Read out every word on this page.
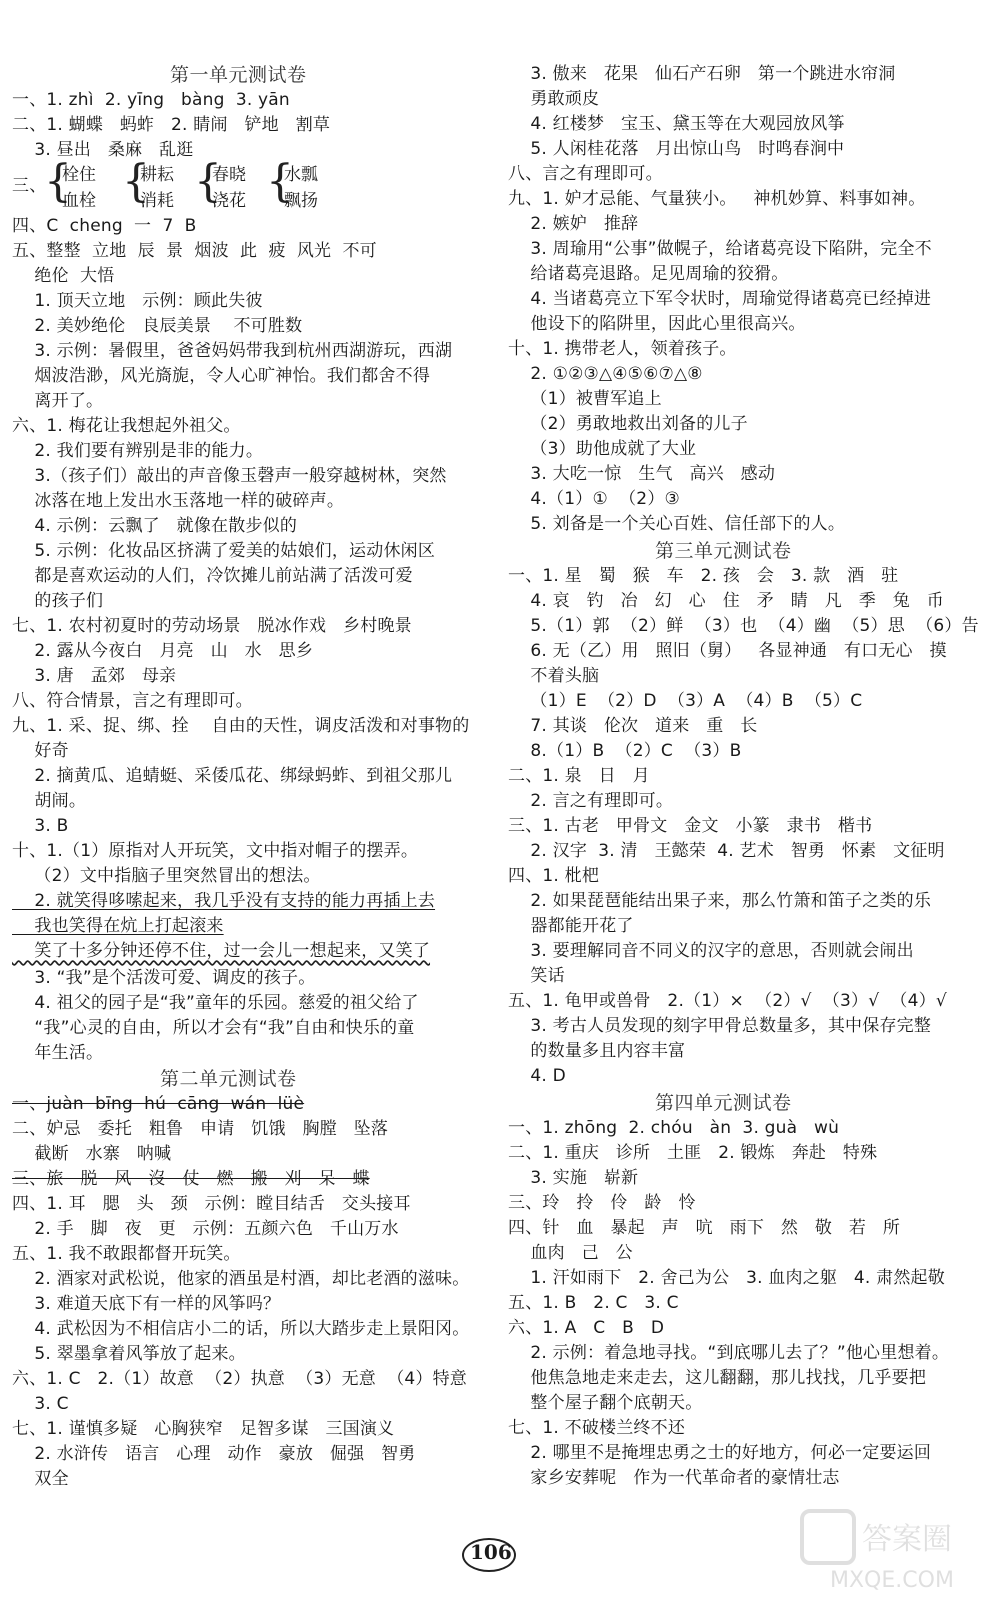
第一单元测试卷
一、1. zhì  2. yīng   bàng  3. yān
二、1. 蝴蝶   蚂蚱   2. 睛闹   铲地   割草
3. 昼出   桑麻   乱逛
三、
{
栓住
血栓 {
耕耘
消耗 {
春晓
浇花 {
水瓢
飘扬
四、C  cheng  一  7  B
五、整整  立地  辰  景  烟波  此  疲  风光  不可
绝伦  大悟
1. 顶天立地   示例：顾此失彼
2. 美妙绝伦   良辰美景    不可胜数
3. 示例：暑假里，爸爸妈妈带我到杭州西湖游玩，西湖
烟波浩渺，风光旖旎，令人心旷神怡。我们都舍不得
离开了。
六、1. 梅花让我想起外祖父。
2. 我们要有辨别是非的能力。
3.（孩子们）敲出的声音像玉磬声一般穿越树林，突然
冰落在地上发出水玉落地一样的破碎声。
4. 示例：云飘了   就像在散步似的
5. 示例：化妆品区挤满了爱美的姑娘们，运动休闲区
都是喜欢运动的人们，冷饮摊儿前站满了活泼可爱
的孩子们
七、1. 农村初夏时的劳动场景   脱冰作戏   乡村晚景
2. 露从今夜白   月亮   山   水   思乡
3. 唐   孟郊   母亲
八、符合情景，言之有理即可。
九、1. 采、捉、绑、拴    自由的天性，调皮活泼和对事物的
好奇
2. 摘黄瓜、追蜻蜓、采倭瓜花、绑绿蚂蚱、到祖父那儿
胡闹。
3. B
十、1.（1）原指对人开玩笑，文中指对帽子的摆弄。
（2）文中指脑子里突然冒出的想法。
2. 就笑得哆嗦起来，我几乎没有支持的能力再插上去
我也笑得在炕上打起滚来
笑了十多分钟还停不住，过一会儿一想起来，又笑了
3. “我”是个活泼可爱、调皮的孩子。
4. 祖父的园子是“我”童年的乐园。慈爱的祖父给了
“我”心灵的自由，所以才会有“我”自由和快乐的童
年生活。
第二单元测试卷
一、juàn  bīng  hú  cāng  wán  lüè
二、妒忌   委托   粗鲁   申请   饥饿   胸膛   坠落
截断   水寨   呐喊
三、旅   脱   风   沒   仗   燃   搬   刈   呆   蝶
四、1. 耳   腮   头   颈   示例：瞠目结舌   交头接耳
2. 手   脚   夜   更   示例：五颜六色   千山万水
五、1. 我不敢跟都督开玩笑。
2. 酒家对武松说，他家的酒虽是村酒，却比老酒的滋味。
3. 难道天底下有一样的风筝吗？
4. 武松因为不相信店小二的话，所以大踏步走上景阳冈。
5. 翠墨拿着风筝放了起来。
六、1. C   2.（1）故意  （2）执意  （3）无意  （4）特意
3. C
七、1. 谨慎多疑   心胸狭窄   足智多谋   三国演义
2. 水浒传   语言   心理   动作   豪放   倔强   智勇
双全
3. 傲来   花果   仙石产石卵   第一个跳进水帘洞
勇敢顽皮
4. 红楼梦   宝玉、黛玉等在大观园放风筝
5. 人闲桂花落   月出惊山鸟   时鸣春涧中
八、言之有理即可。
九、1. 妒才忌能、气量狭小。   神机妙算、料事如神。
2. 嫉妒   推辞
3. 周瑜用“公事”做幌子，给诸葛亮设下陷阱，完全不
给诸葛亮退路。足见周瑜的狡猾。
4. 当诸葛亮立下军令状时，周瑜觉得诸葛亮已经掉进
他设下的陷阱里，因此心里很高兴。
十、1. 携带老人，领着孩子。
2. ①②③△④⑤⑥⑦△⑧
（1）被曹军追上
（2）勇敢地救出刘备的儿子
（3）助他成就了大业
3. 大吃一惊   生气   高兴   感动
4.（1）①  （2）③
5. 刘备是一个关心百姓、信任部下的人。
第三单元测试卷
一、1. 星   蜀   猴   车   2. 孩   会   3. 款   酒   驻
4. 哀   钓   冶   幻   心   住   矛   睛   凡   季   兔   币
5.（1）郭  （2）鲜  （3）也  （4）幽  （5）思  （6）告
6. 无（乙）用   照旧（舅）   各显神通   有口无心   摸
不着头脑
（1）E  （2）D  （3）A  （4）B  （5）C
7. 其谈   伦次   道来   重   长
8.（1）B  （2）C  （3）B
二、1. 泉   日   月
2. 言之有理即可。
三、1. 古老   甲骨文   金文   小篆   隶书   楷书
2. 汉字  3. 清   王懿荣  4. 艺术   智勇   怀素   文征明
四、1. 枇杷
2. 如果琵琶能结出果子来，那么竹箫和笛子之类的乐
器都能开花了
3. 要理解同音不同义的汉字的意思，否则就会闹出
笑话
五、1. 龟甲或兽骨   2.（1）×  （2）√  （3）√  （4）√
3. 考古人员发现的刻字甲骨总数量多，其中保存完整
的数量多且内容丰富
4. D
第四单元测试卷
一、1. zhōng  2. chóu   àn  3. guà   wù
二、1. 重庆   诊所   土匪   2. 锻炼   奔赴   特殊
3. 实施   崭新
三、玲   拎   伶   龄   怜
四、针   血   暴起   声   吭   雨下   然   敬   若   所
血肉   己   公
1. 汗如雨下   2. 舍己为公   3. 血肉之躯   4. 肃然起敬
五、1. B   2. C   3. C
六、1. A   C   B   D
2. 示例：着急地寻找。“到底哪儿去了？”他心里想着。
他焦急地走来走去，这儿翻翻，那儿找找，几乎要把
整个屋子翻个底朝天。
七、1. 不破楼兰终不还
2. 哪里不是掩埋忠勇之士的好地方，何必一定要运回
家乡安葬呢   作为一代革命者的豪情壮志
106	答案圈
MXQE.COM
